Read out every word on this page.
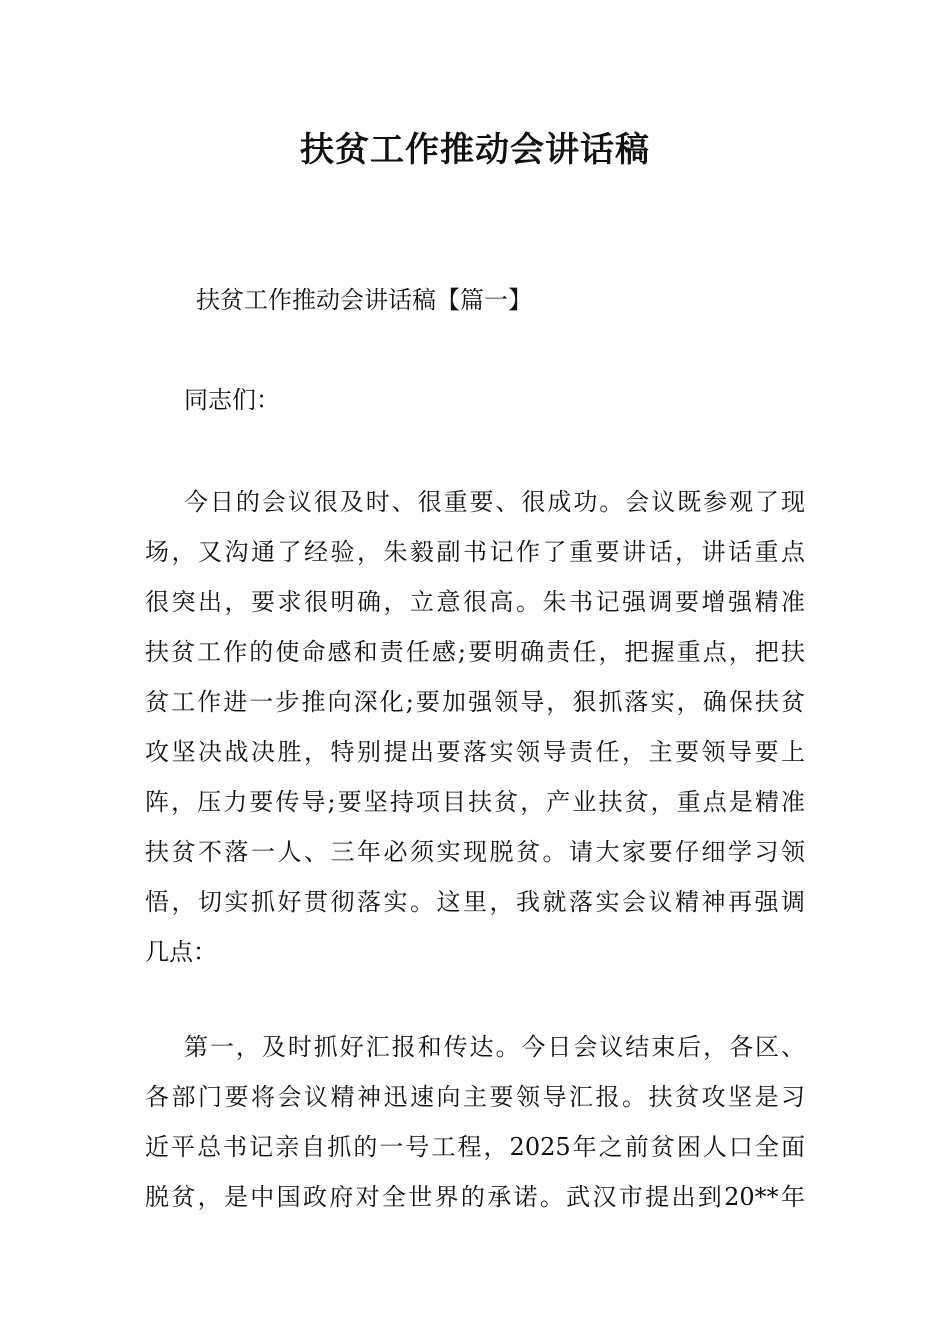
扶贫工作推动会讲话稿
扶贫工作推动会讲话稿【篇一】
同志们：
今日的会议很及时、很重要、很成功。会议既参观了现
场，又沟通了经验，朱毅副书记作了重要讲话，讲话重点
很突出，要求很明确，立意很高。朱书记强调要增强精准
扶贫工作的使命感和责任感;要明确责任，把握重点，把扶
贫工作进一步推向深化;要加强领导，狠抓落实，确保扶贫
攻坚决战决胜，特别提出要落实领导责任，主要领导要上
阵，压力要传导;要坚持项目扶贫，产业扶贫，重点是精准
扶贫不落一人、三年必须实现脱贫。请大家要仔细学习领
悟，切实抓好贯彻落实。这里，我就落实会议精神再强调
几点：
第一，及时抓好汇报和传达。今日会议结束后，各区、
各部门要将会议精神迅速向主要领导汇报。扶贫攻坚是习
近平总书记亲自抓的一号工程，2025年之前贫困人口全面
脱贫，是中国政府对全世界的承诺。武汉市提出到20**年
